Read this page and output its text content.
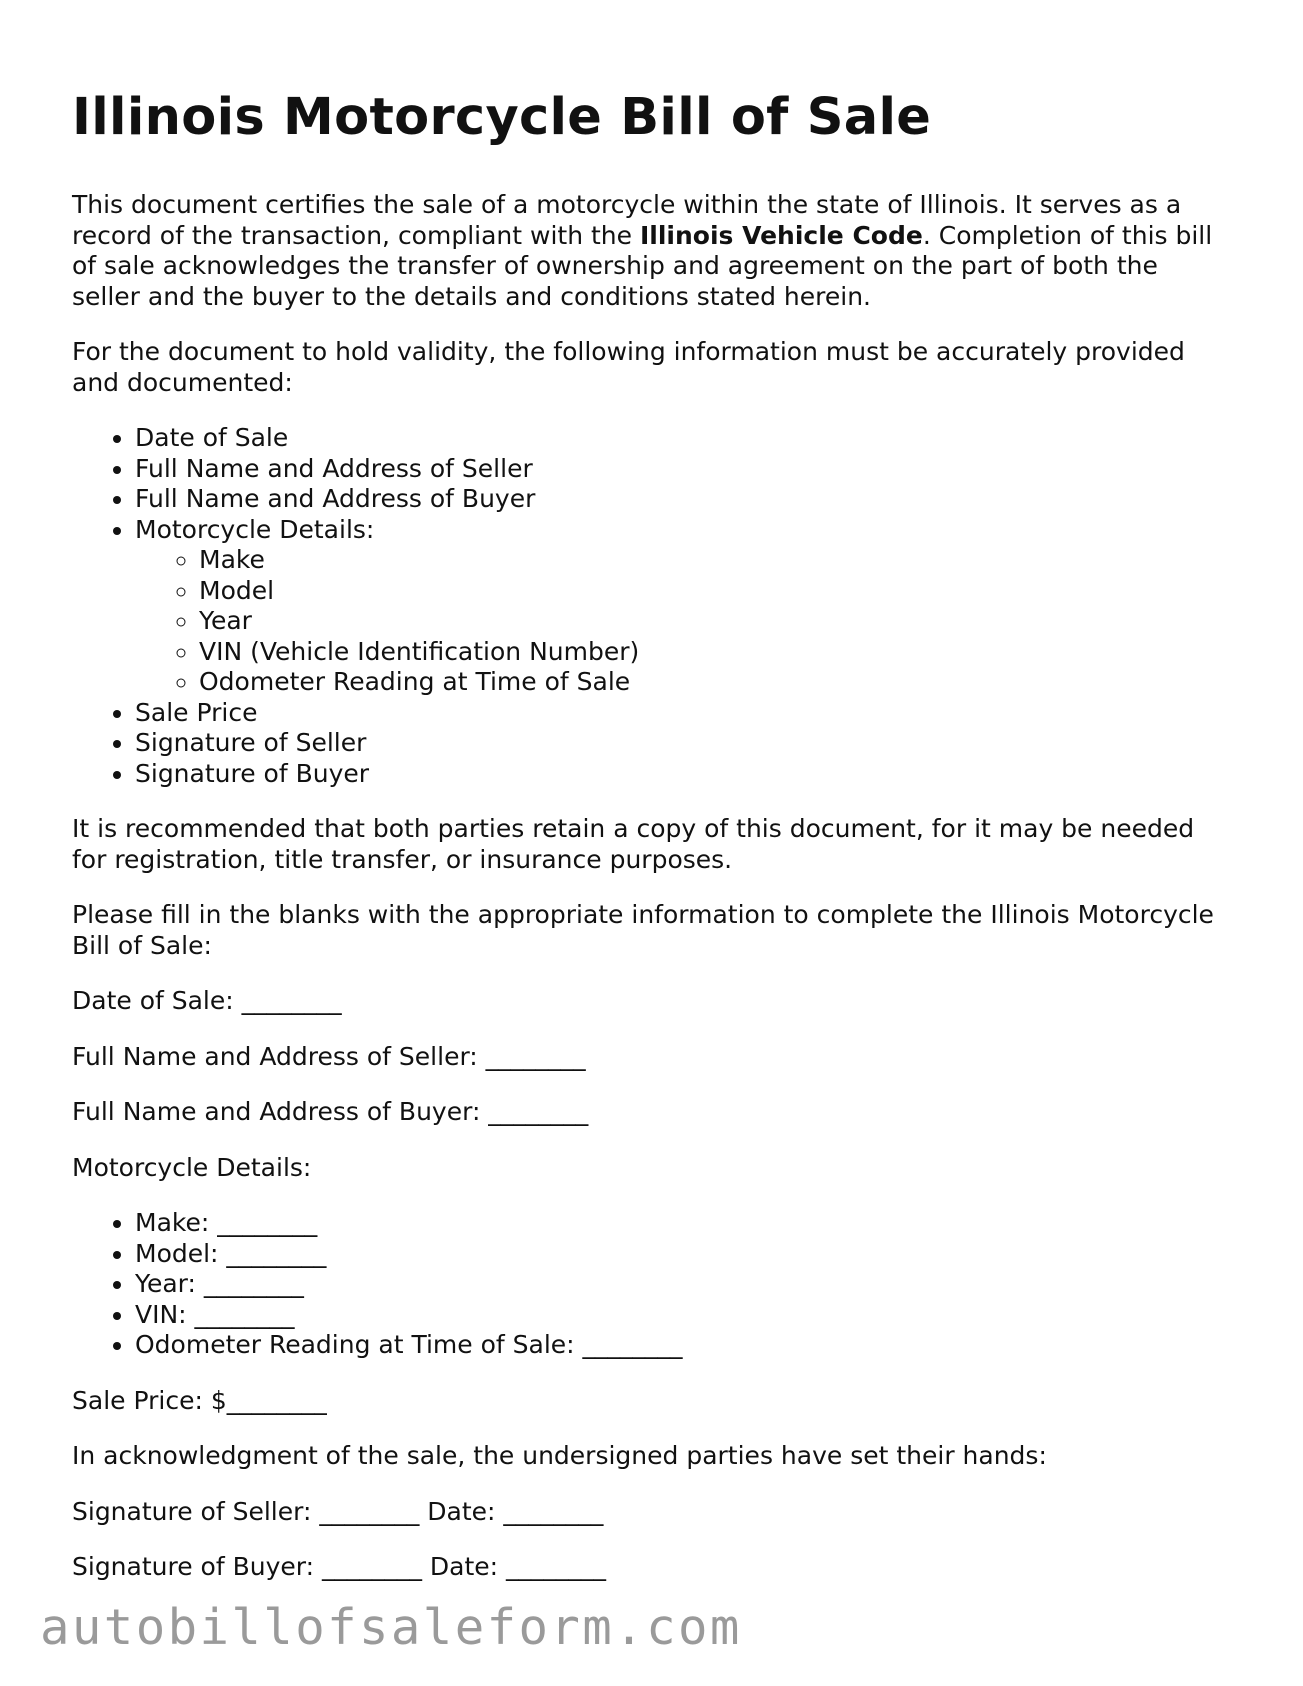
Illinois Motorcycle Bill of Sale

This document certifies the sale of a motorcycle within the state of Illinois. It serves as a record of the transaction, compliant with the Illinois Vehicle Code. Completion of this bill of sale acknowledges the transfer of ownership and agreement on the part of both the seller and the buyer to the details and conditions stated herein.

For the document to hold validity, the following information must be accurately provided and documented:

• Date of Sale
• Full Name and Address of Seller
• Full Name and Address of Buyer
• Motorcycle Details:
◦ Make
◦ Model
◦ Year
◦ VIN (Vehicle Identification Number)
◦ Odometer Reading at Time of Sale
• Sale Price
• Signature of Seller
• Signature of Buyer

It is recommended that both parties retain a copy of this document, for it may be needed for registration, title transfer, or insurance purposes.

Please fill in the blanks with the appropriate information to complete the Illinois Motorcycle Bill of Sale:

Date of Sale: ________

Full Name and Address of Seller: ________

Full Name and Address of Buyer: ________

Motorcycle Details:

• Make: ________
• Model: ________
• Year: ________
• VIN: ________
• Odometer Reading at Time of Sale: ________

Sale Price: $________

In acknowledgment of the sale, the undersigned parties have set their hands:

Signature of Seller: ________ Date: ________

Signature of Buyer: ________ Date: ________

autobillofsaleform.com
